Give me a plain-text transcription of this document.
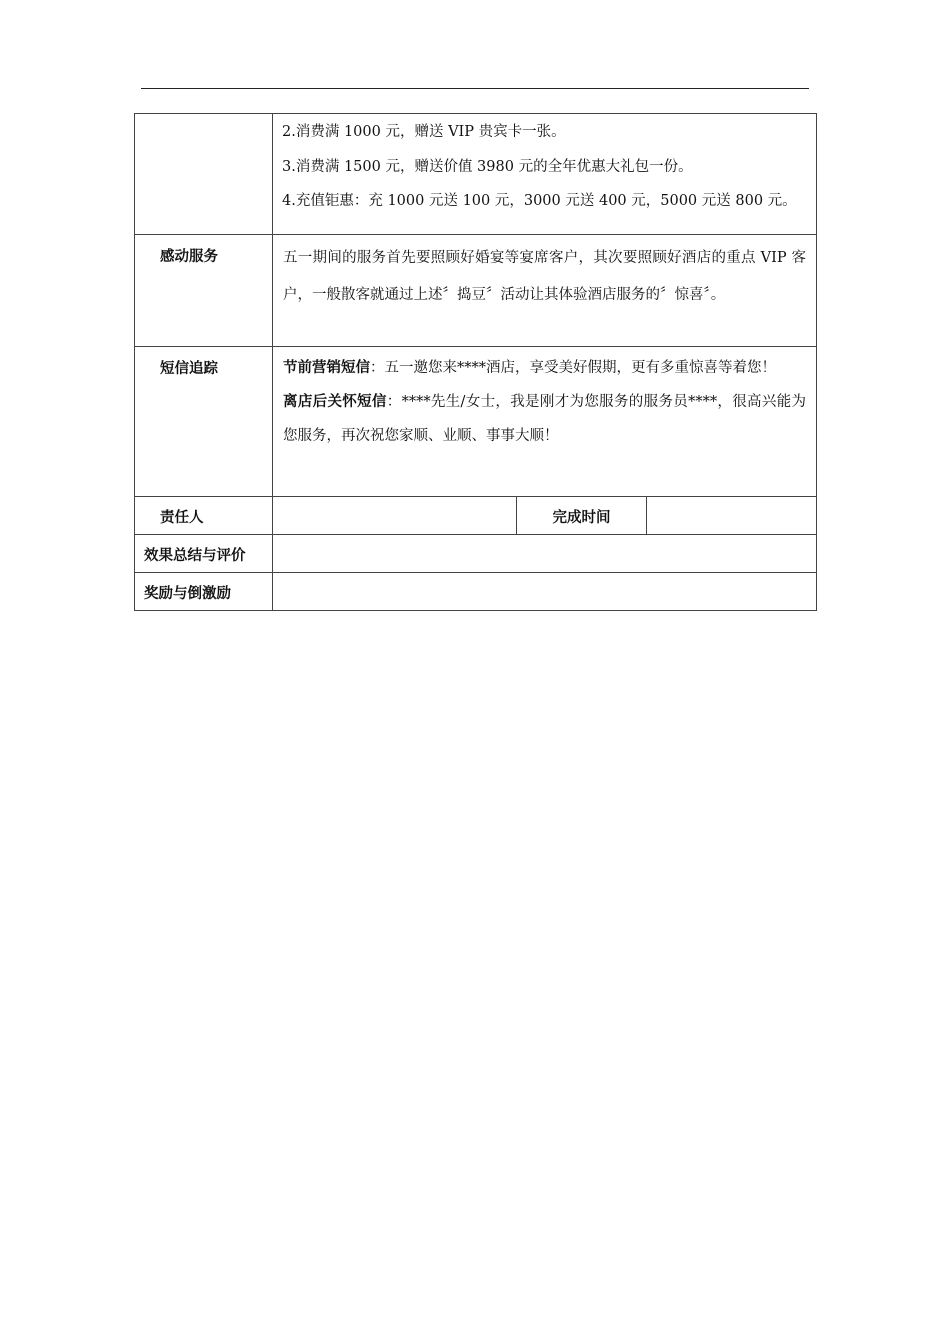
	2.消费满 1000 元，赠送 VIP 贵宾卡一张。

3.消费满 1500 元，赠送价值 3980 元的全年优惠大礼包一份。

4.充值钜惠：充 1000 元送 100 元，3000 元送 400 元，5000 元送 800 元。		

感动服务	五一期间的服务首先要照顾好婚宴等宴席客户，其次要照顾好酒店的重点 VIP 客户，一般散客就通过上述〞捣豆〞活动让其体验酒店服务的〞惊喜〞。		

短信追踪	节前营销短信：五一邀您来****酒店，享受美好假期，更有多重惊喜等着您！

离店后关怀短信：****先生/女士，我是刚才为您服务的服务员****，很高兴能为您服务，再次祝您家顺、业顺、事事大顺！		

责任人		完成时间	

效果总结与评价			

奖励与倒激励			
